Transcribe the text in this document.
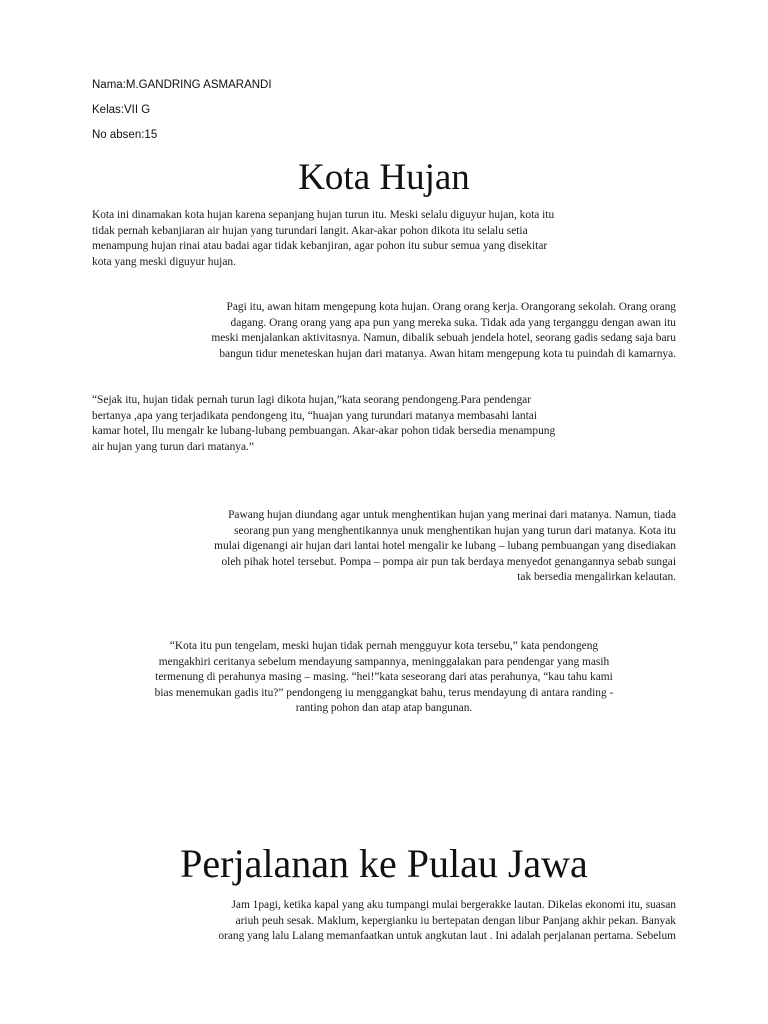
Nama:M.GANDRING ASMARANDI
Kelas:VII G
No absen:15
Kota Hujan
Kota ini dinamakan kota hujan karena sepanjang hujan turun itu. Meski selalu diguyur hujan, kota itu
tidak pernah kebanjiaran air hujan yang turundari langit. Akar-akar pohon dikota itu selalu setia
menampung hujan rinai atau badai agar tidak kebanjiran, agar pohon itu subur semua yang disekitar
kota yang meski diguyur hujan.
Pagi itu, awan hitam mengepung kota hujan. Orang orang kerja. Orangorang sekolah. Orang orang
dagang. Orang orang yang apa pun yang mereka suka. Tidak ada yang terganggu dengan awan itu
meski menjalankan aktivitasnya. Namun, dibalik sebuah jendela hotel, seorang gadis sedang saja baru
bangun tidur meneteskan hujan dari matanya. Awan hitam mengepung kota tu puindah di kamarnya.
“Sejak itu, hujan tidak pernah turun lagi dikota hujan,”kata seorang pendongeng.Para pendengar
bertanya ,apa yang terjadikata pendongeng itu, “huajan yang turundari matanya membasahi lantai
kamar hotel, llu mengalr ke lubang-lubang pembuangan. Akar-akar pohon tidak bersedia menampung
air hujan yang turun dari matanya.”
Pawang hujan diundang agar untuk menghentikan hujan yang merinai dari matanya. Namun, tiada
seorang pun yang menghentikannya unuk menghentikan hujan yang turun dari matanya. Kota itu
mulai digenangi air hujan dari lantai hotel mengalir ke lubang – lubang pembuangan yang disediakan
oleh pihak hotel tersebut. Pompa – pompa air pun tak berdaya menyedot genangannya sebab sungai
tak bersedia mengalirkan kelautan.
“Kota itu pun tengelam, meski hujan tidak pernah mengguyur kota tersebu,” kata pendongeng
mengakhiri ceritanya sebelum mendayung sampannya, meninggalakan para pendengar yang masih
termenung di perahunya masing – masing. “hei!”kata seseorang dari atas perahunya, “kau tahu kami
bias menemukan gadis itu?” pendongeng iu menggangkat bahu, terus mendayung di antara randing -
ranting pohon dan atap atap bangunan.
Perjalanan ke Pulau Jawa
Jam 1pagi, ketika kapal yang aku tumpangi mulai bergerakke lautan. Dikelas ekonomi itu, suasan
ariuh peuh sesak. Maklum, kepergianku iu bertepatan dengan libur Panjang akhir pekan. Banyak
orang yang lalu Lalang memanfaatkan untuk angkutan laut . Ini adalah perjalanan pertama. Sebelum
